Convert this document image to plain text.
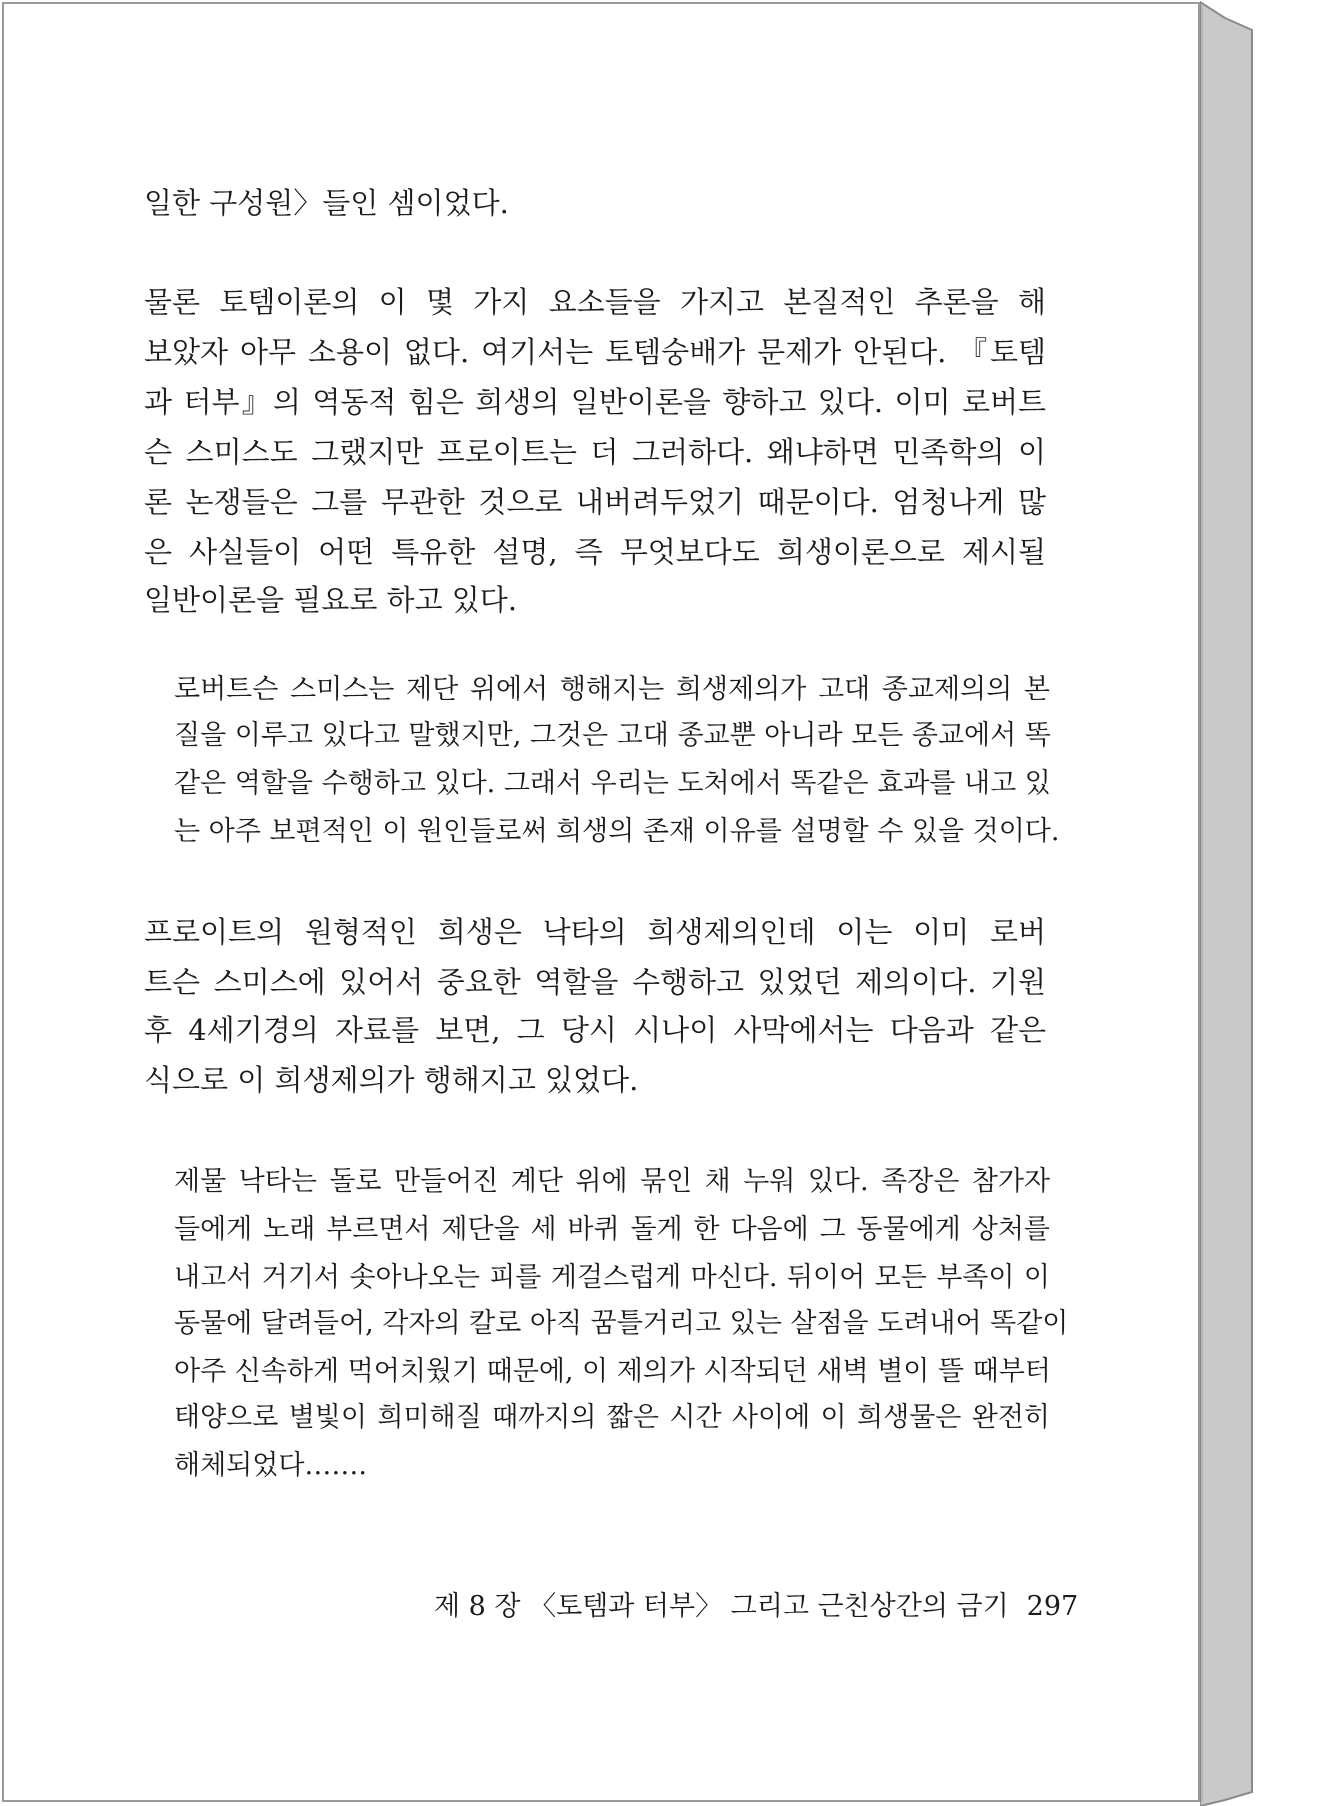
일한 구성원〉들인 셈이었다.
물론 토템이론의 이 몇 가지 요소들을 가지고 본질적인 추론을 해
보았자 아무 소용이 없다. 여기서는 토템숭배가 문제가 안된다. 『토템
과 터부』의 역동적 힘은 희생의 일반이론을 향하고 있다. 이미 로버트
슨 스미스도 그랬지만 프로이트는 더 그러하다. 왜냐하면 민족학의 이
론 논쟁들은 그를 무관한 것으로 내버려두었기 때문이다. 엄청나게 많
은 사실들이 어떤 특유한 설명, 즉 무엇보다도 희생이론으로 제시될
일반이론을 필요로 하고 있다.
로버트슨 스미스는 제단 위에서 행해지는 희생제의가 고대 종교제의의 본
질을 이루고 있다고 말했지만, 그것은 고대 종교뿐 아니라 모든 종교에서 똑
같은 역할을 수행하고 있다. 그래서 우리는 도처에서 똑같은 효과를 내고 있
는 아주 보편적인 이 원인들로써 희생의 존재 이유를 설명할 수 있을 것이다.
프로이트의 원형적인 희생은 낙타의 희생제의인데 이는 이미 로버
트슨 스미스에 있어서 중요한 역할을 수행하고 있었던 제의이다. 기원
후 4세기경의 자료를 보면, 그 당시 시나이 사막에서는 다음과 같은
식으로 이 희생제의가 행해지고 있었다.
제물 낙타는 돌로 만들어진 계단 위에 묶인 채 누워 있다. 족장은 참가자
들에게 노래 부르면서 제단을 세 바퀴 돌게 한 다음에 그 동물에게 상처를
내고서 거기서 솟아나오는 피를 게걸스럽게 마신다. 뒤이어 모든 부족이 이
동물에 달려들어, 각자의 칼로 아직 꿈틀거리고 있는 살점을 도려내어 똑같이
아주 신속하게 먹어치웠기 때문에, 이 제의가 시작되던 새벽 별이 뜰 때부터
태양으로 별빛이 희미해질 때까지의 짧은 시간 사이에 이 희생물은 완전히
해체되었다…….
제 8 장 〈토템과 터부〉 그리고 근친상간의 금기 297
